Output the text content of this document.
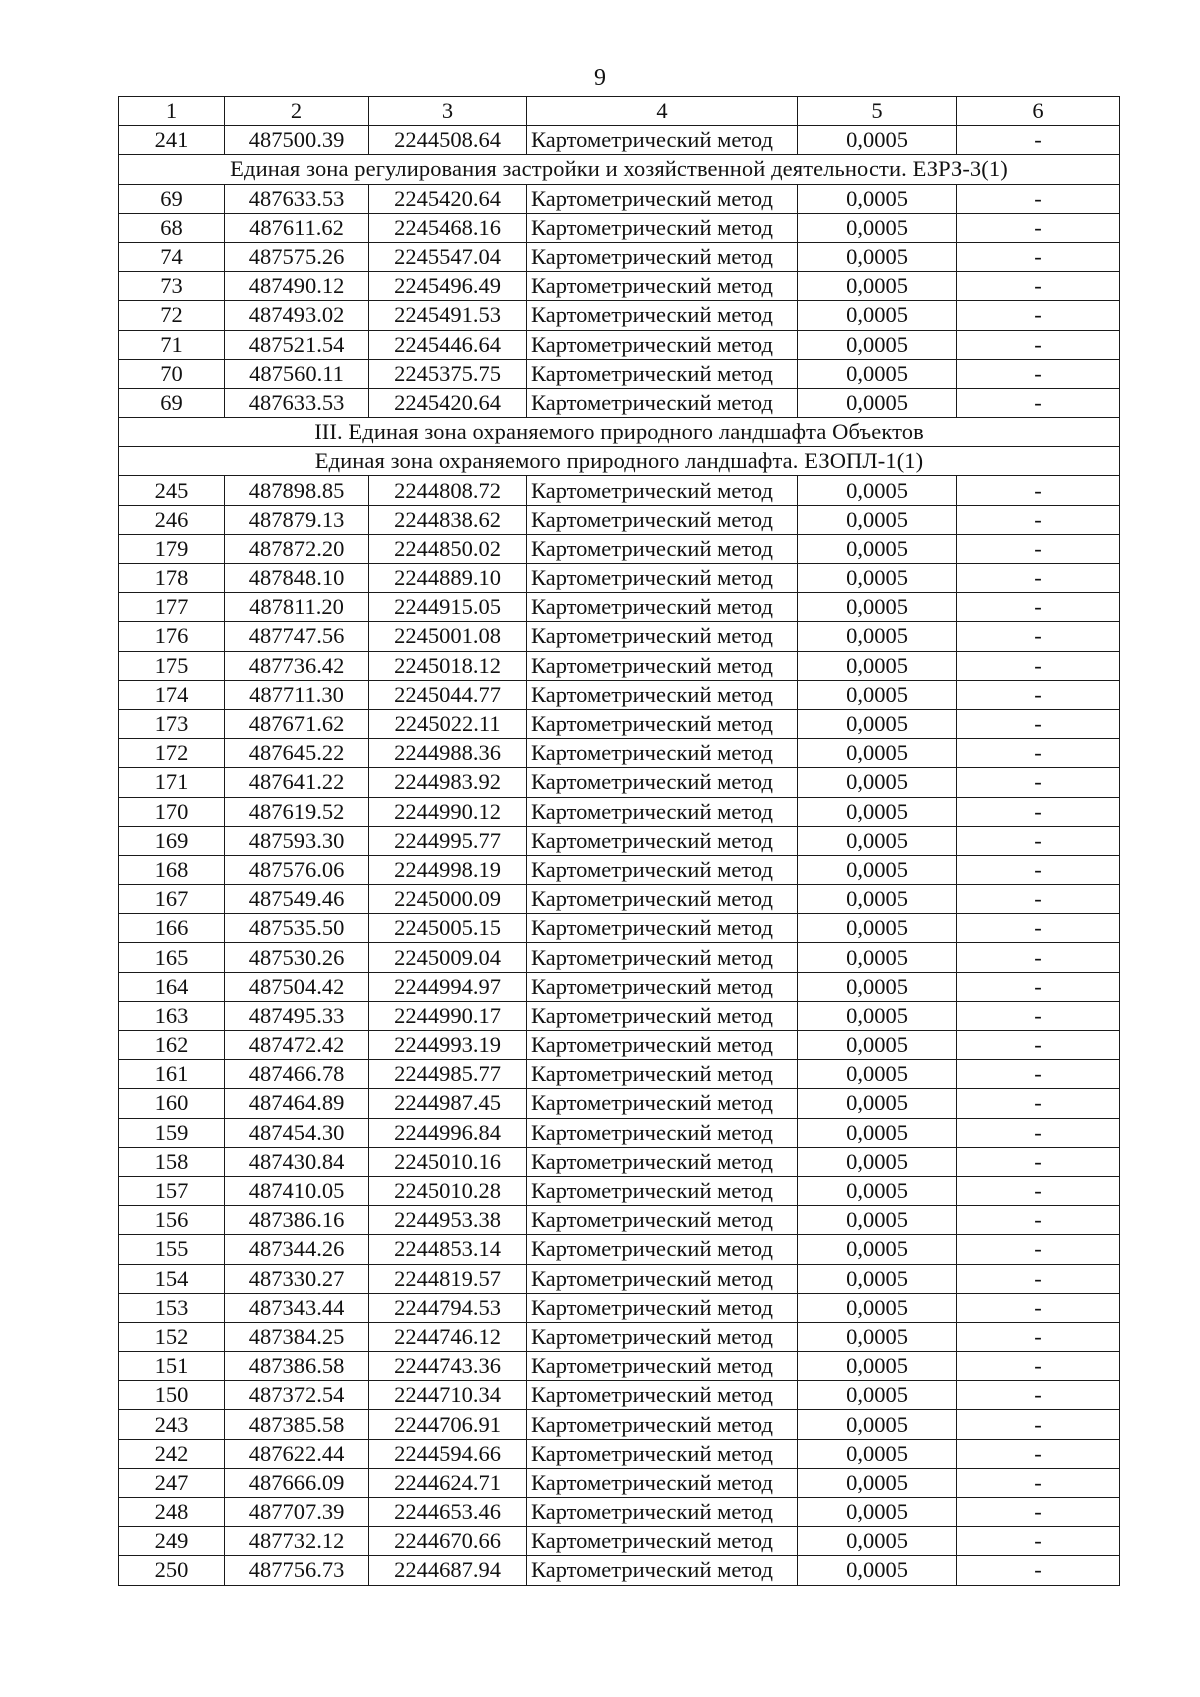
9
1	2	3	4	5	6
241	487500.39	2244508.64	Картометрический метод	0,0005	-
Единая зона регулирования застройки и хозяйственной деятельности. ЕЗРЗ-3(1)					
69	487633.53	2245420.64	Картометрический метод	0,0005	-
68	487611.62	2245468.16	Картометрический метод	0,0005	-
74	487575.26	2245547.04	Картометрический метод	0,0005	-
73	487490.12	2245496.49	Картометрический метод	0,0005	-
72	487493.02	2245491.53	Картометрический метод	0,0005	-
71	487521.54	2245446.64	Картометрический метод	0,0005	-
70	487560.11	2245375.75	Картометрический метод	0,0005	-
69	487633.53	2245420.64	Картометрический метод	0,0005	-
III. Единая зона охраняемого природного ландшафта Объектов					
Единая зона охраняемого природного ландшафта. ЕЗОПЛ-1(1)					
245	487898.85	2244808.72	Картометрический метод	0,0005	-
246	487879.13	2244838.62	Картометрический метод	0,0005	-
179	487872.20	2244850.02	Картометрический метод	0,0005	-
178	487848.10	2244889.10	Картометрический метод	0,0005	-
177	487811.20	2244915.05	Картометрический метод	0,0005	-
176	487747.56	2245001.08	Картометрический метод	0,0005	-
175	487736.42	2245018.12	Картометрический метод	0,0005	-
174	487711.30	2245044.77	Картометрический метод	0,0005	-
173	487671.62	2245022.11	Картометрический метод	0,0005	-
172	487645.22	2244988.36	Картометрический метод	0,0005	-
171	487641.22	2244983.92	Картометрический метод	0,0005	-
170	487619.52	2244990.12	Картометрический метод	0,0005	-
169	487593.30	2244995.77	Картометрический метод	0,0005	-
168	487576.06	2244998.19	Картометрический метод	0,0005	-
167	487549.46	2245000.09	Картометрический метод	0,0005	-
166	487535.50	2245005.15	Картометрический метод	0,0005	-
165	487530.26	2245009.04	Картометрический метод	0,0005	-
164	487504.42	2244994.97	Картометрический метод	0,0005	-
163	487495.33	2244990.17	Картометрический метод	0,0005	-
162	487472.42	2244993.19	Картометрический метод	0,0005	-
161	487466.78	2244985.77	Картометрический метод	0,0005	-
160	487464.89	2244987.45	Картометрический метод	0,0005	-
159	487454.30	2244996.84	Картометрический метод	0,0005	-
158	487430.84	2245010.16	Картометрический метод	0,0005	-
157	487410.05	2245010.28	Картометрический метод	0,0005	-
156	487386.16	2244953.38	Картометрический метод	0,0005	-
155	487344.26	2244853.14	Картометрический метод	0,0005	-
154	487330.27	2244819.57	Картометрический метод	0,0005	-
153	487343.44	2244794.53	Картометрический метод	0,0005	-
152	487384.25	2244746.12	Картометрический метод	0,0005	-
151	487386.58	2244743.36	Картометрический метод	0,0005	-
150	487372.54	2244710.34	Картометрический метод	0,0005	-
243	487385.58	2244706.91	Картометрический метод	0,0005	-
242	487622.44	2244594.66	Картометрический метод	0,0005	-
247	487666.09	2244624.71	Картометрический метод	0,0005	-
248	487707.39	2244653.46	Картометрический метод	0,0005	-
249	487732.12	2244670.66	Картометрический метод	0,0005	-
250	487756.73	2244687.94	Картометрический метод	0,0005	-
